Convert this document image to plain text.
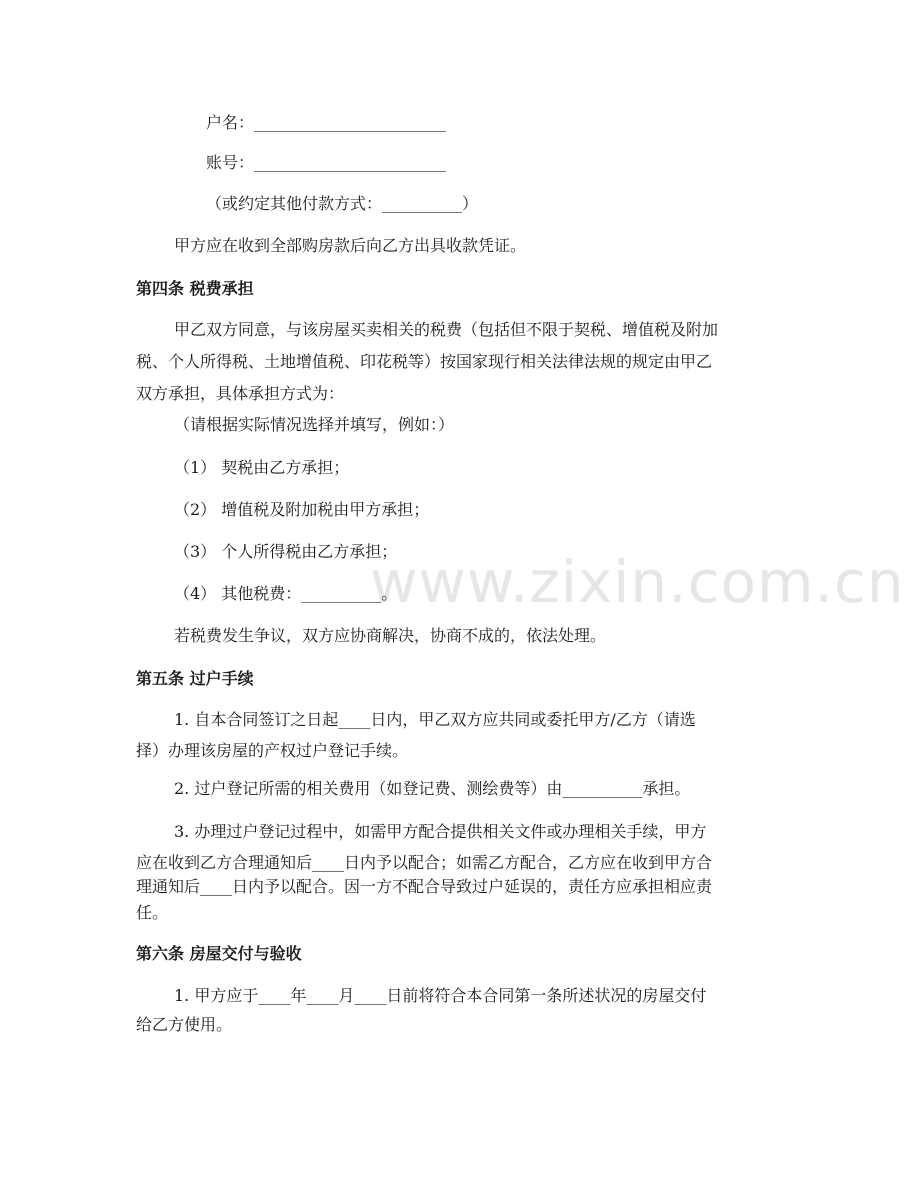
www.zixin.com.cn
户名：________________________
账号：________________________
（或约定其他付款方式：__________）
甲方应在收到全部购房款后向乙方出具收款凭证。
第四条 税费承担
甲乙双方同意，与该房屋买卖相关的税费（包括但不限于契税、增值税及附加
税、个人所得税、土地增值税、印花税等）按国家现行相关法律法规的规定由甲乙
双方承担，具体承担方式为：
（请根据实际情况选择并填写，例如：）
（1） 契税由乙方承担；
（2） 增值税及附加税由甲方承担；
（3） 个人所得税由乙方承担；
（4） 其他税费：__________。
若税费发生争议，双方应协商解决，协商不成的，依法处理。
第五条 过户手续
1. 自本合同签订之日起____日内，甲乙双方应共同或委托甲方/乙方（请选
择）办理该房屋的产权过户登记手续。
2. 过户登记所需的相关费用（如登记费、测绘费等）由__________承担。
3. 办理过户登记过程中，如需甲方配合提供相关文件或办理相关手续，甲方
应在收到乙方合理通知后____日内予以配合；如需乙方配合，乙方应在收到甲方合
理通知后____日内予以配合。因一方不配合导致过户延误的，责任方应承担相应责
任。
第六条 房屋交付与验收
1. 甲方应于____年____月____日前将符合本合同第一条所述状况的房屋交付
给乙方使用。
